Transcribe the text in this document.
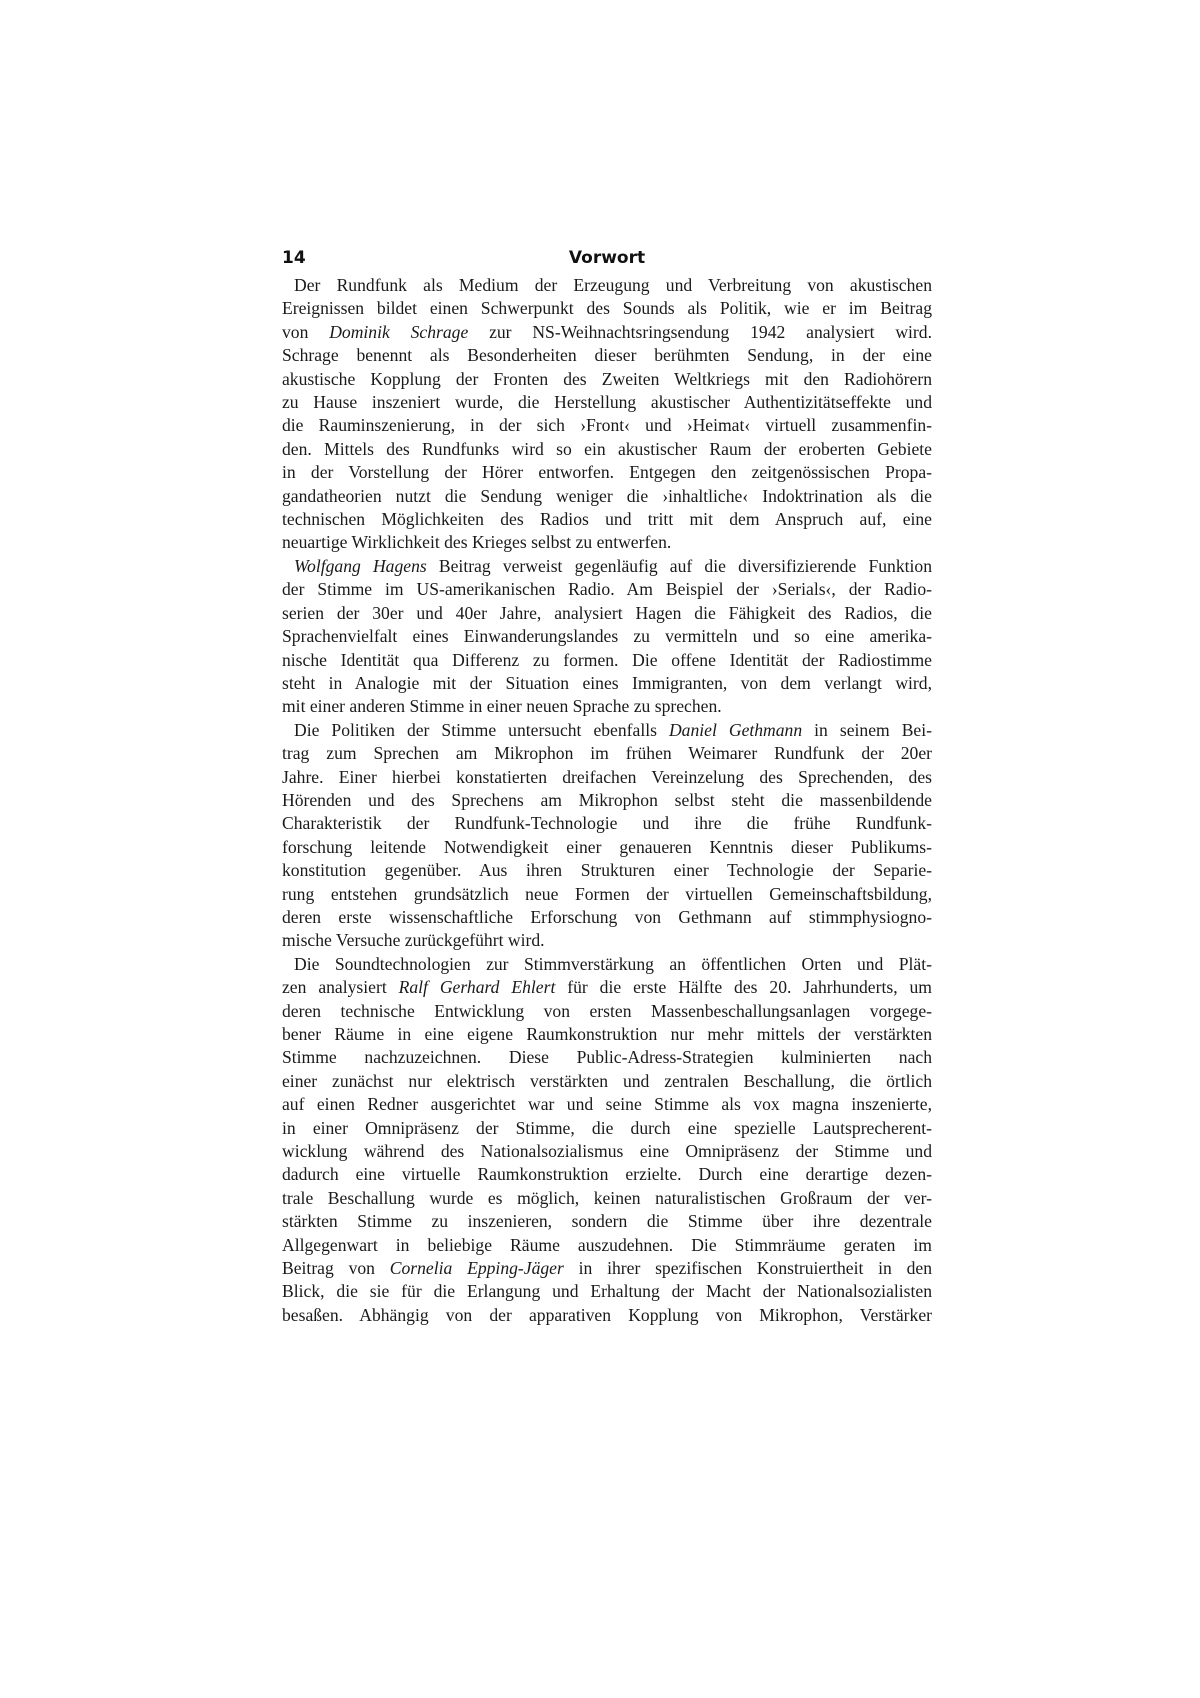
14	Vorwort
Der Rundfunk als Medium der Erzeugung und Verbreitung von akustischen
Ereignissen bildet einen Schwerpunkt des Sounds als Politik, wie er im Beitrag
von Dominik Schrage zur NS-Weihnachtsringsendung 1942 analysiert wird.
Schrage benennt als Besonderheiten dieser berühmten Sendung, in der eine
akustische Kopplung der Fronten des Zweiten Weltkriegs mit den Radiohörern
zu Hause inszeniert wurde, die Herstellung akustischer Authentizitätseffekte und
die Rauminszenierung, in der sich ›Front‹ und ›Heimat‹ virtuell zusammenfin-
den. Mittels des Rundfunks wird so ein akustischer Raum der eroberten Gebiete
in der Vorstellung der Hörer entworfen. Entgegen den zeitgenössischen Propa-
gandatheorien nutzt die Sendung weniger die ›inhaltliche‹ Indoktrination als die
technischen Möglichkeiten des Radios und tritt mit dem Anspruch auf, eine
neuartige Wirklichkeit des Krieges selbst zu entwerfen.
Wolfgang Hagens Beitrag verweist gegenläufig auf die diversifizierende Funktion
der Stimme im US-amerikanischen Radio. Am Beispiel der ›Serials‹, der Radio-
serien der 30er und 40er Jahre, analysiert Hagen die Fähigkeit des Radios, die
Sprachenvielfalt eines Einwanderungslandes zu vermitteln und so eine amerika-
nische Identität qua Differenz zu formen. Die offene Identität der Radiostimme
steht in Analogie mit der Situation eines Immigranten, von dem verlangt wird,
mit einer anderen Stimme in einer neuen Sprache zu sprechen.
Die Politiken der Stimme untersucht ebenfalls Daniel Gethmann in seinem Bei-
trag zum Sprechen am Mikrophon im frühen Weimarer Rundfunk der 20er
Jahre. Einer hierbei konstatierten dreifachen Vereinzelung des Sprechenden, des
Hörenden und des Sprechens am Mikrophon selbst steht die massenbildende
Charakteristik der Rundfunk-Technologie und ihre die frühe Rundfunk-
forschung leitende Notwendigkeit einer genaueren Kenntnis dieser Publikums-
konstitution gegenüber. Aus ihren Strukturen einer Technologie der Separie-
rung entstehen grundsätzlich neue Formen der virtuellen Gemeinschaftsbildung,
deren erste wissenschaftliche Erforschung von Gethmann auf stimmphysiogno-
mische Versuche zurückgeführt wird.
Die Soundtechnologien zur Stimmverstärkung an öffentlichen Orten und Plät-
zen analysiert Ralf Gerhard Ehlert für die erste Hälfte des 20. Jahrhunderts, um
deren technische Entwicklung von ersten Massenbeschallungsanlagen vorgege-
bener Räume in eine eigene Raumkonstruktion nur mehr mittels der verstärkten
Stimme nachzuzeichnen. Diese Public-Adress-Strategien kulminierten nach
einer zunächst nur elektrisch verstärkten und zentralen Beschallung, die örtlich
auf einen Redner ausgerichtet war und seine Stimme als vox magna inszenierte,
in einer Omnipräsenz der Stimme, die durch eine spezielle Lautsprecherent-
wicklung während des Nationalsozialismus eine Omnipräsenz der Stimme und
dadurch eine virtuelle Raumkonstruktion erzielte. Durch eine derartige dezen-
trale Beschallung wurde es möglich, keinen naturalistischen Großraum der ver-
stärkten Stimme zu inszenieren, sondern die Stimme über ihre dezentrale
Allgegenwart in beliebige Räume auszudehnen. Die Stimmräume geraten im
Beitrag von Cornelia Epping-Jäger in ihrer spezifischen Konstruiertheit in den
Blick, die sie für die Erlangung und Erhaltung der Macht der Nationalsozialisten
besaßen. Abhängig von der apparativen Kopplung von Mikrophon, Verstärker
